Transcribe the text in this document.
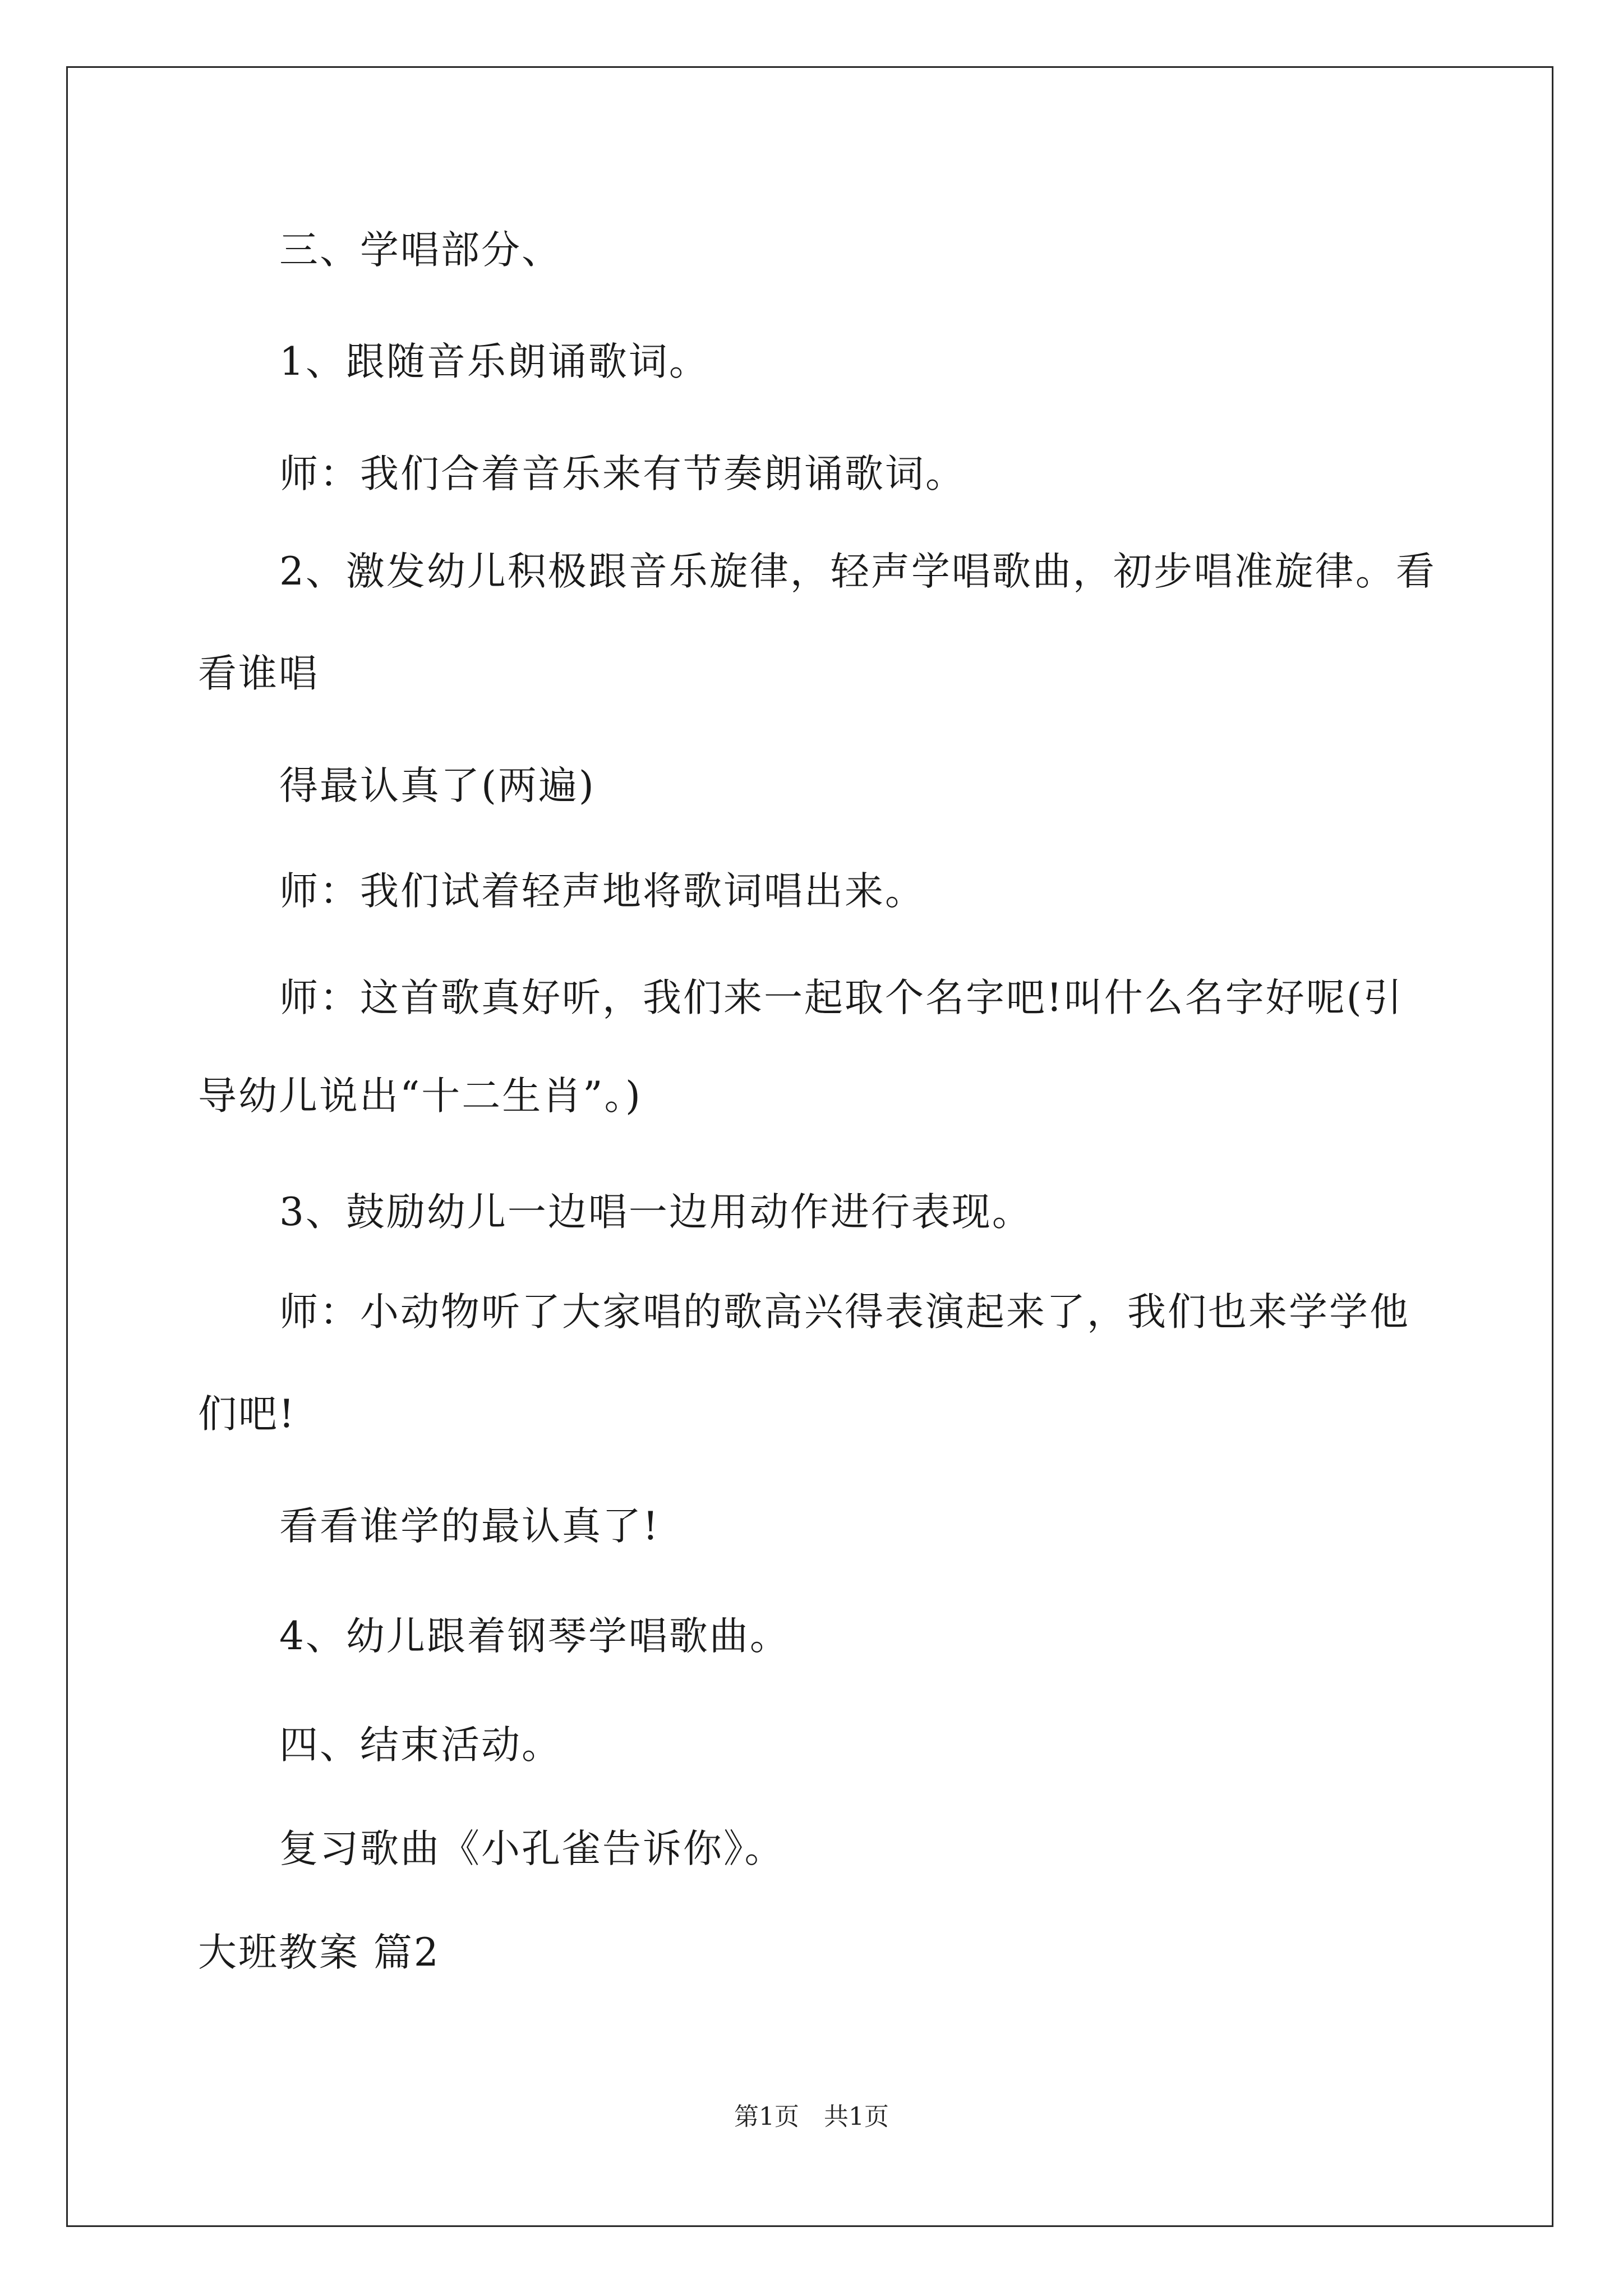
三、学唱部分、
1、跟随音乐朗诵歌词。
师：我们合着音乐来有节奏朗诵歌词。
2、激发幼儿积极跟音乐旋律，轻声学唱歌曲，初步唱准旋律。看
看谁唱
得最认真了(两遍)
师：我们试着轻声地将歌词唱出来。
师：这首歌真好听，我们来一起取个名字吧!叫什么名字好呢(引
导幼儿说出“十二生肖”。)
3、鼓励幼儿一边唱一边用动作进行表现。
师：小动物听了大家唱的歌高兴得表演起来了，我们也来学学他
们吧!
看看谁学的最认真了!
4、幼儿跟着钢琴学唱歌曲。
四、结束活动。
复习歌曲《小孔雀告诉你》。
大班教案 篇2
第1页　共1页
